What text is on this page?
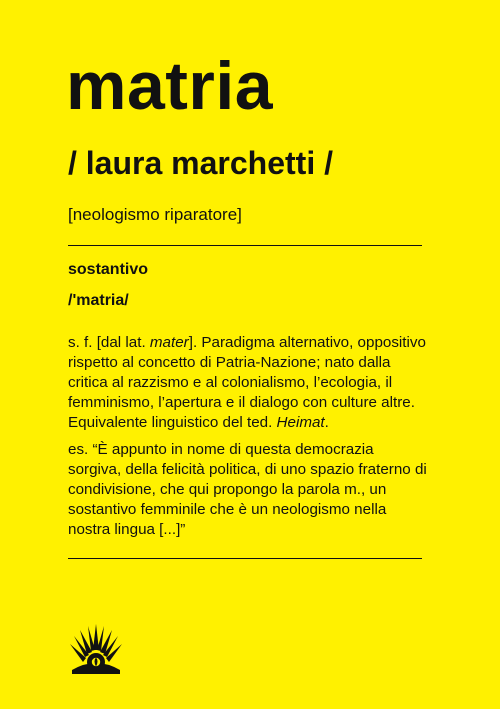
matria
/ laura marchetti /
[neologismo riparatore]
sostantivo
/'matria/

s. f. [dal lat. mater]. Paradigma alternativo, oppositivo rispetto al concetto di Patria-Nazione; nato dalla critica al razzismo e al colonialismo, l’ecologia, il femminismo, l’apertura e il dialogo con culture altre. Equivalente linguistico del ted. Heimat.

es. “È appunto in nome di questa democrazia sorgiva, della felicità politica, di uno spazio fraterno di condivisione, che qui propongo la parola m., un sostantivo femminile che è un neologismo nella nostra lingua [...]”
